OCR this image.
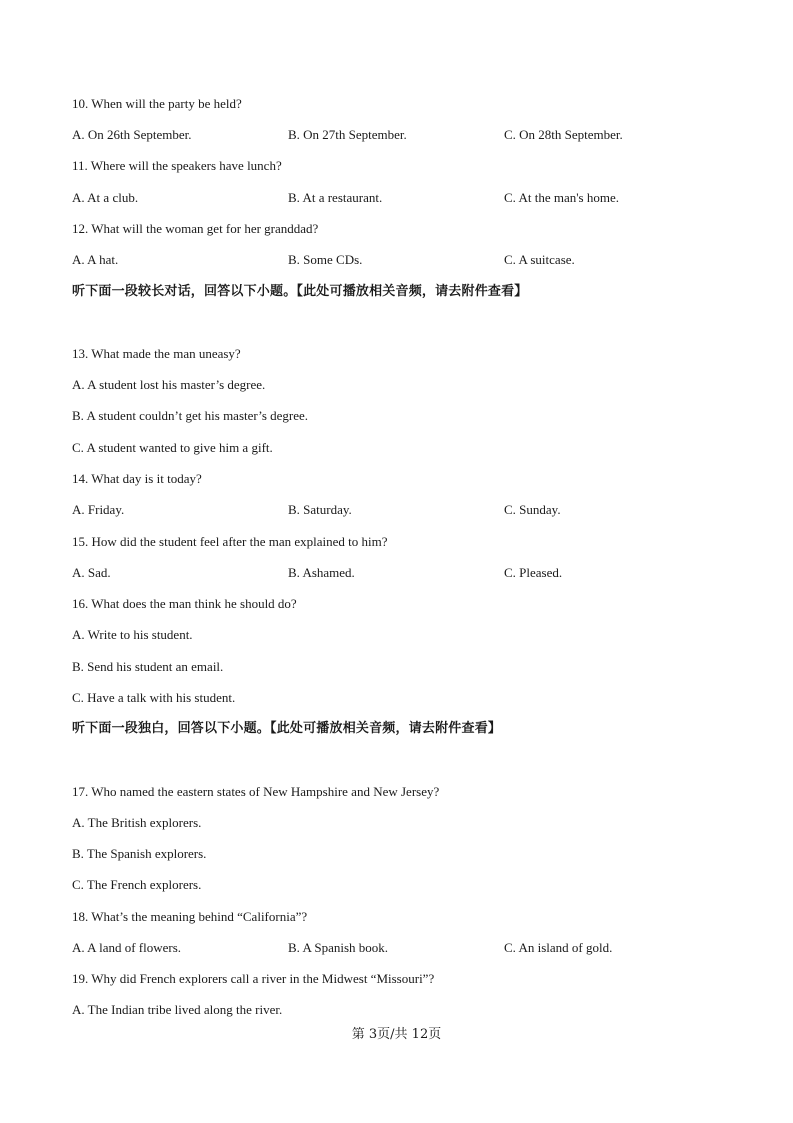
10. When will the party be held?
A. On 26th September.	B. On 27th September.	C. On 28th September.
11. Where will the speakers have lunch?
A. At a club.	B. At a restaurant.	C. At the man's home.
12. What will the woman get for her granddad?
A. A hat.	B. Some CDs.	C. A suitcase.
听下面一段较长对话，回答以下小题。【此处可播放相关音频，请去附件查看】
13. What made the man uneasy?
A. A student lost his master’s degree.
B. A student couldn’t get his master’s degree.
C. A student wanted to give him a gift.
14. What day is it today?
A. Friday.	B. Saturday.	C. Sunday.
15. How did the student feel after the man explained to him?
A. Sad.	B. Ashamed.	C. Pleased.
16. What does the man think he should do?
A. Write to his student.
B. Send his student an email.
C. Have a talk with his student.
听下面一段独白，回答以下小题。【此处可播放相关音频，请去附件查看】
17. Who named the eastern states of New Hampshire and New Jersey?
A. The British explorers.
B. The Spanish explorers.
C. The French explorers.
18. What’s the meaning behind “California”?
A. A land of flowers.	B. A Spanish book.	C. An island of gold.
19. Why did French explorers call a river in the Midwest “Missouri”?
A. The Indian tribe lived along the river.
第 3页/共 12页
